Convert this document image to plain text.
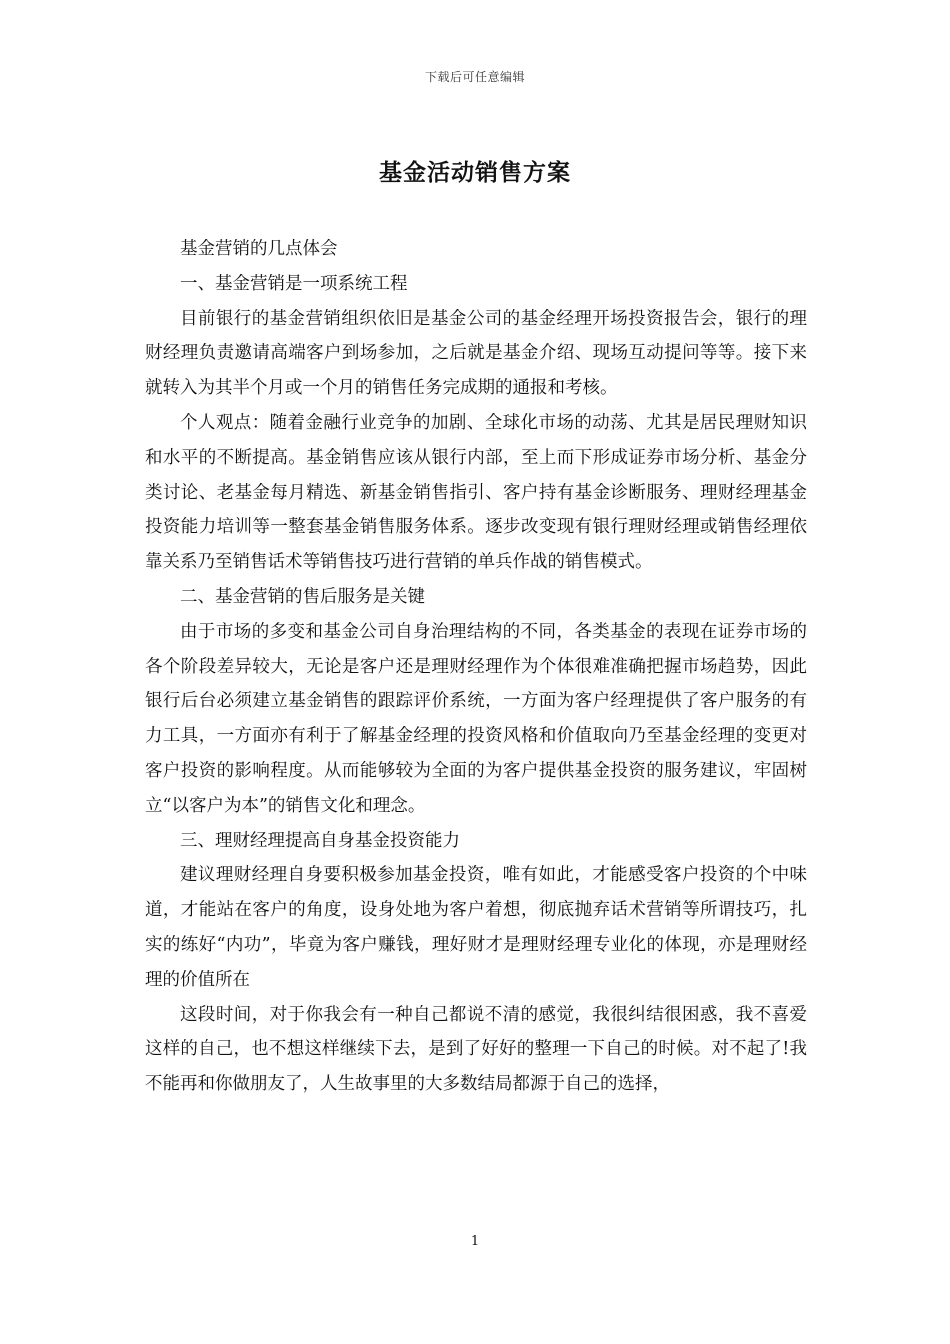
下载后可任意编辑
基金活动销售方案

基金营销的几点体会

一、基金营销是一项系统工程

目前银行的基金营销组织依旧是基金公司的基金经理开场投资报告会，银行的理财经理负责邀请高端客户到场参加，之后就是基金介绍、现场互动提问等等。接下来就转入为其半个月或一个月的销售任务完成期的通报和考核。

个人观点：随着金融行业竞争的加剧、全球化市场的动荡、尤其是居民理财知识和水平的不断提高。基金销售应该从银行内部，至上而下形成证券市场分析、基金分类讨论、老基金每月精选、新基金销售指引、客户持有基金诊断服务、理财经理基金投资能力培训等一整套基金销售服务体系。逐步改变现有银行理财经理或销售经理依靠关系乃至销售话术等销售技巧进行营销的单兵作战的销售模式。

二、基金营销的售后服务是关键

由于市场的多变和基金公司自身治理结构的不同，各类基金的表现在证券市场的各个阶段差异较大，无论是客户还是理财经理作为个体很难准确把握市场趋势，因此银行后台必须建立基金销售的跟踪评价系统，一方面为客户经理提供了客户服务的有力工具，一方面亦有利于了解基金经理的投资风格和价值取向乃至基金经理的变更对客户投资的影响程度。从而能够较为全面的为客户提供基金投资的服务建议，牢固树立“以客户为本”的销售文化和理念。

三、理财经理提高自身基金投资能力

建议理财经理自身要积极参加基金投资，唯有如此，才能感受客户投资的个中味道，才能站在客户的角度，设身处地为客户着想，彻底抛弃话术营销等所谓技巧，扎实的练好“内功”，毕竟为客户赚钱，理好财才是理财经理专业化的体现，亦是理财经理的价值所在

这段时间，对于你我会有一种自己都说不清的感觉，我很纠结很困惑，我不喜爱这样的自己，也不想这样继续下去，是到了好好的整理一下自己的时候。对不起了!我不能再和你做朋友了，人生故事里的大多数结局都源于自己的选择，

1
